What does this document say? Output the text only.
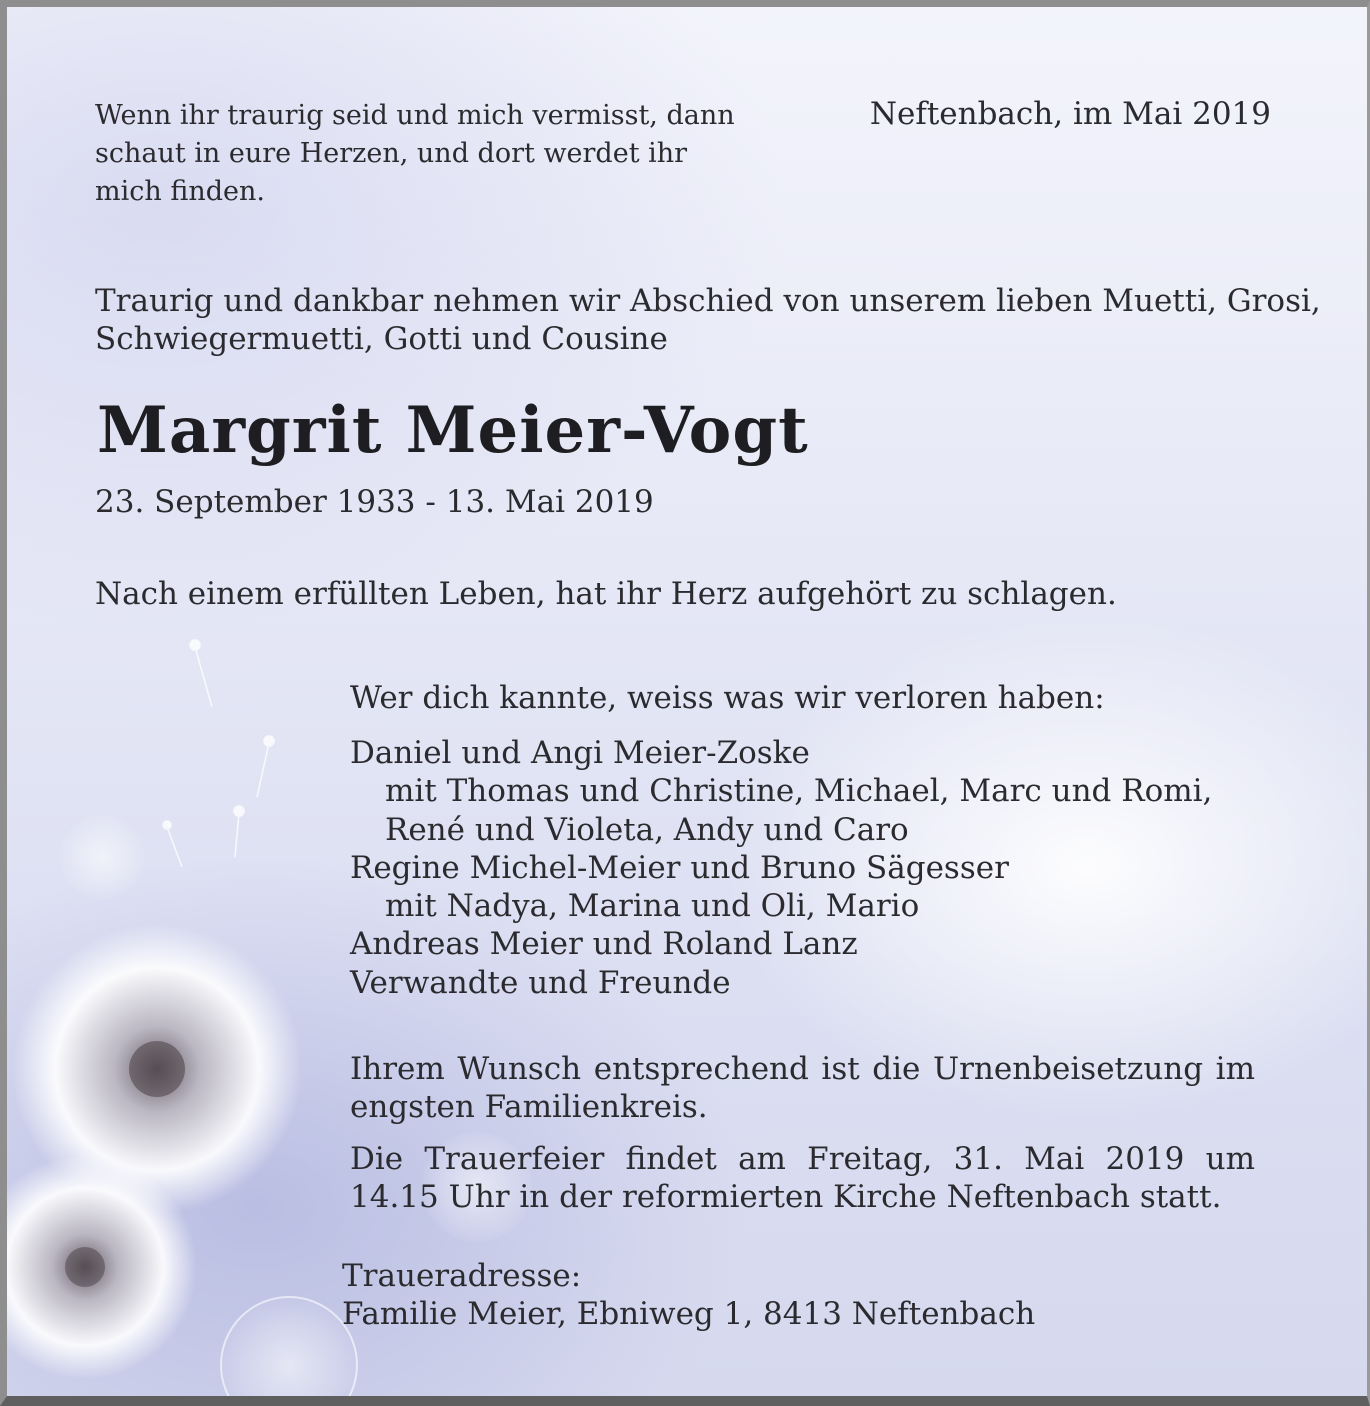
Wenn ihr traurig seid und mich vermisst, dann schaut in eure Herzen, und dort werdet ihr mich finden.

Neftenbach, im Mai 2019

Traurig und dankbar nehmen wir Abschied von unserem lieben Muetti, Grosi, Schwiegermuetti, Gotti und Cousine

Margrit Meier-Vogt

23. September 1933 - 13. Mai 2019

Nach einem erfüllten Leben, hat ihr Herz aufgehört zu schlagen.

Wer dich kannte, weiss was wir verloren haben:

Daniel und Angi Meier-Zoske
mit Thomas und Christine, Michael, Marc und Romi,
René und Violeta, Andy und Caro
Regine Michel-Meier und Bruno Sägesser
mit Nadya, Marina und Oli, Mario
Andreas Meier und Roland Lanz
Verwandte und Freunde

Ihrem Wunsch entsprechend ist die Urnenbeisetzung im engsten Familienkreis.

Die Trauerfeier findet am Freitag, 31. Mai 2019 um 14.15 Uhr in der reformierten Kirche Neftenbach statt.

Traueradresse:

Familie Meier, Ebniweg 1, 8413 Neftenbach
